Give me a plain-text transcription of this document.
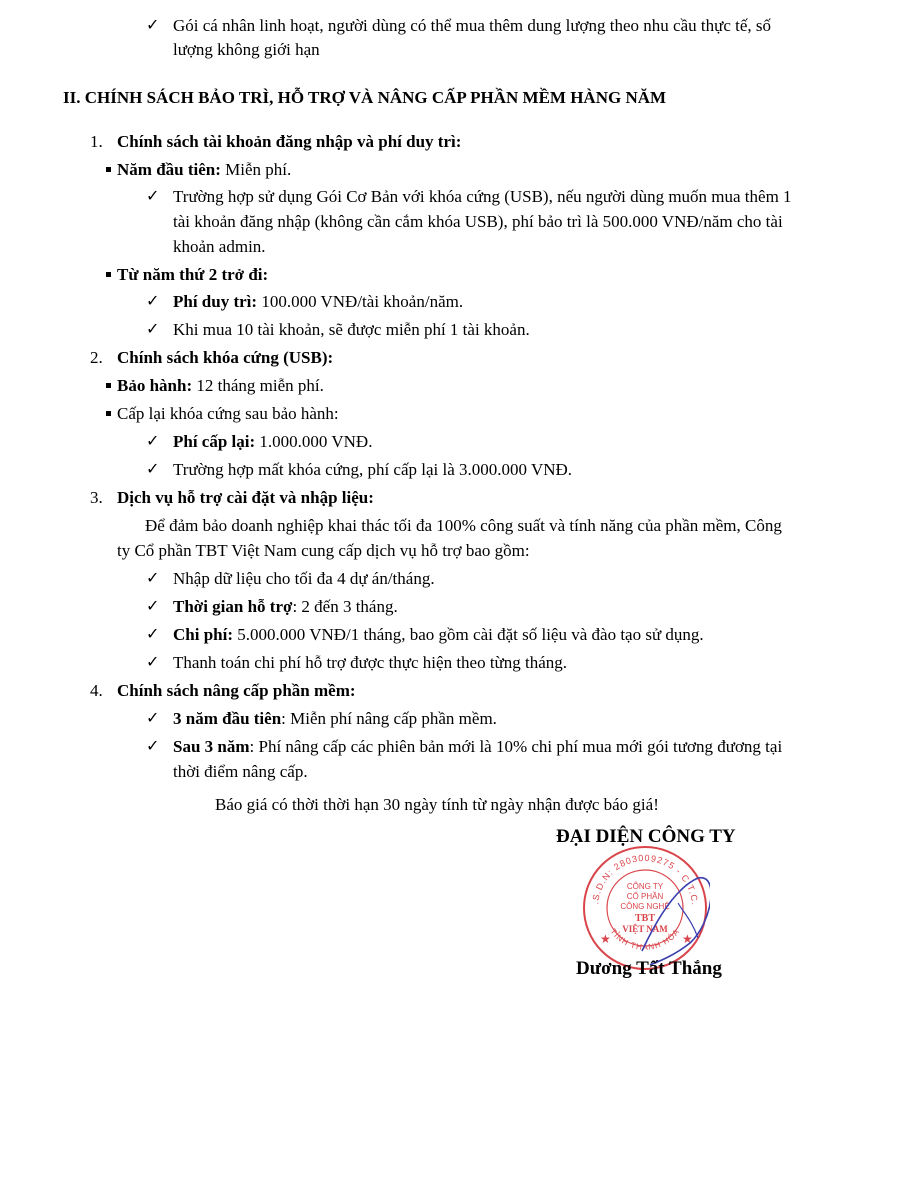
✓ Gói cá nhân linh hoạt, người dùng có thể mua thêm dung lượng theo nhu cầu thực tế, số
lượng không giới hạn
II. CHÍNH SÁCH BẢO TRÌ, HỖ TRỢ VÀ NÂNG CẤP PHẦN MỀM HÀNG NĂM
1. Chính sách tài khoản đăng nhập và phí duy trì:
Năm đầu tiên: Miễn phí.
✓ Trường hợp sử dụng Gói Cơ Bản với khóa cứng (USB), nếu người dùng muốn mua thêm 1
tài khoản đăng nhập (không cần cắm khóa USB), phí bảo trì là 500.000 VNĐ/năm cho tài
khoản admin.
Từ năm thứ 2 trở đi:
✓ Phí duy trì: 100.000 VNĐ/tài khoản/năm.
✓ Khi mua 10 tài khoản, sẽ được miễn phí 1 tài khoản.
2. Chính sách khóa cứng (USB):
Bảo hành: 12 tháng miễn phí.
Cấp lại khóa cứng sau bảo hành:
✓ Phí cấp lại: 1.000.000 VNĐ.
✓ Trường hợp mất khóa cứng, phí cấp lại là 3.000.000 VNĐ.
3. Dịch vụ hỗ trợ cài đặt và nhập liệu:
Để đảm bảo doanh nghiệp khai thác tối đa 100% công suất và tính năng của phần mềm, Công
ty Cổ phần TBT Việt Nam cung cấp dịch vụ hỗ trợ bao gồm:
✓ Nhập dữ liệu cho tối đa 4 dự án/tháng.
✓ Thời gian hỗ trợ: 2 đến 3 tháng.
✓ Chi phí: 5.000.000 VNĐ/1 tháng, bao gồm cài đặt số liệu và đào tạo sử dụng.
✓ Thanh toán chi phí hỗ trợ được thực hiện theo từng tháng.
4. Chính sách nâng cấp phần mềm:
✓ 3 năm đầu tiên: Miễn phí nâng cấp phần mềm.
✓ Sau 3 năm: Phí nâng cấp các phiên bản mới là 10% chi phí mua mới gói tương đương tại
thời điểm nâng cấp.
Báo giá có thời thời hạn 30 ngày tính từ ngày nhận được báo giá!
ĐẠI DIỆN CÔNG TY
.S.D.N: 2803009275 - C.T.C.
TỈNH THANH HÓA
★	★
CÔNG TY
CỔ PHẦN
CÔNG NGHỆ
TBT
VIỆT NAM
Dương Tất Thắng
